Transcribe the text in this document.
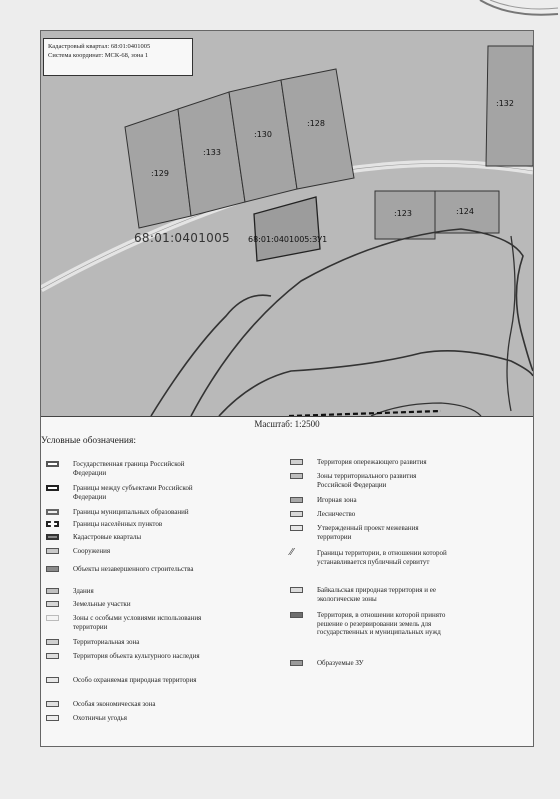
Кадастровый квартал: 68:01:0401005
Система координат: МСК-68, зона 1
:129
:133
:130
:128
:123	:124
:132
68:01:0401005 68:01:0401005:ЗУ1
Масштаб: 1:2500
Условные обозначения:
Государственная граница Российской Федерации
Границы между субъектами Российской Федерации
Границы муниципальных образований
Границы населённых пунктов
Кадастровые кварталы
Сооружения
Объекты незавершенного строительства
Здания
Земельные участки
Зоны с особыми условиями использования территории
Территориальная зона
Территория объекта культурного наследия
Особо охраняемая природная территория
Особая экономическая зона
Охотничьи угодья
Территория опережающего развития
Зоны территориального развития Российской Федерации
Игорная зона
Лесничество
Утвержденный проект межевания территории
⁄⁄	Границы территории, в отношении которой устанавливается публичный сервитут
Байкальская природная территория и ее экологические зоны
Территория, в отношении которой принято решение о резервировании земель для государственных и муниципальных нужд
Образуемые ЗУ
